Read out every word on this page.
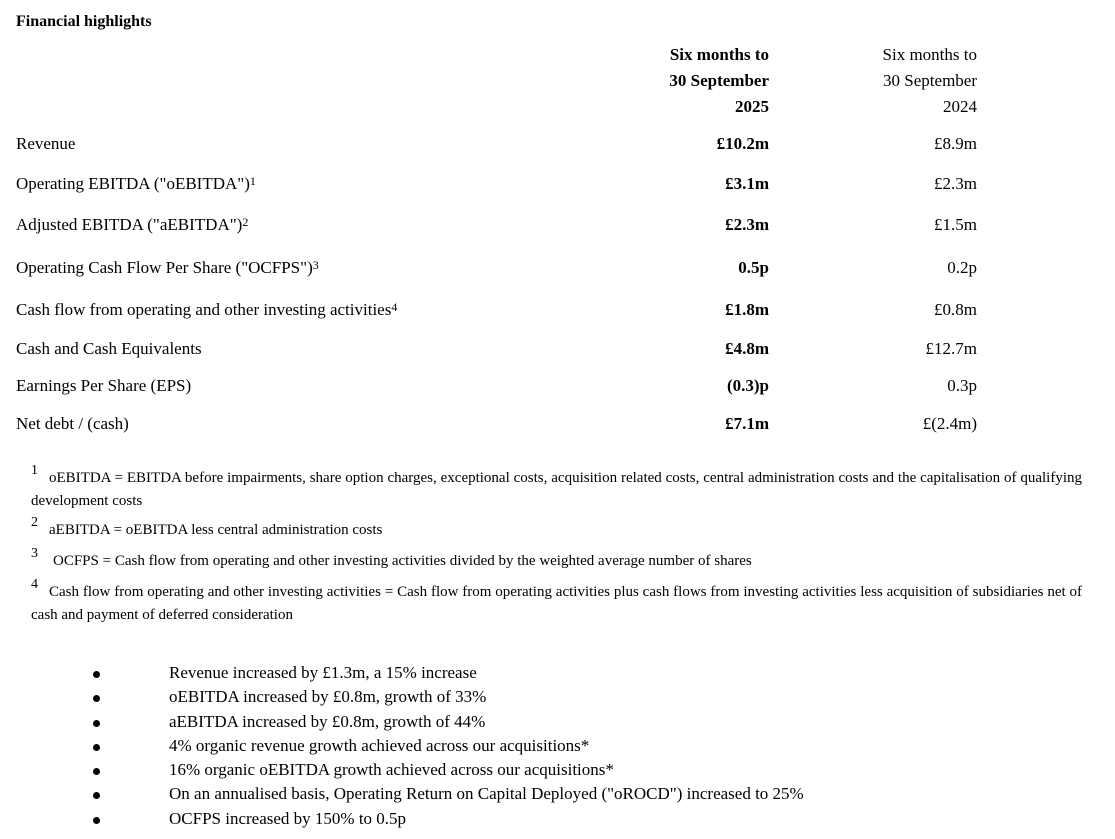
Financial highlights
Six months to
30 September
2025
Six months to
30 September
2024
Revenue	£10.2m	£8.9m
Operating EBITDA ("oEBITDA")$^1$	£3.1m	£2.3m
Adjusted EBITDA ("aEBITDA")$^2$	£2.3m	£1.5m
Operating Cash Flow Per Share ("OCFPS")$^3$	0.5p	0.2p
Cash flow from operating and other investing activities$^4$	£1.8m	£0.8m
Cash and Cash Equivalents	£4.8m	£12.7m
Earnings Per Share (EPS)	(0.3)p	0.3p
Net debt / (cash)	£7.1m	£(2.4m)

1 oEBITDA = EBITDA before impairments, share option charges, exceptional costs, acquisition related costs, central administration costs and the capitalisation of qualifying development costs

2 aEBITDA = oEBITDA less central administration costs

3 OCFPS = Cash flow from operating and other investing activities divided by the weighted average number of shares

4 Cash flow from operating and other investing activities = Cash flow from operating activities plus cash flows from investing activities less acquisition of subsidiaries net of cash and payment of deferred consideration

Revenue increased by £1.3m, a 15% increase
oEBITDA increased by £0.8m, growth of 33%
aEBITDA increased by £0.8m, growth of 44%
4% organic revenue growth achieved across our acquisitions*
16% organic oEBITDA growth achieved across our acquisitions*
On an annualised basis, Operating Return on Capital Deployed ("oROCD") increased to 25%
OCFPS increased by 150% to 0.5p
